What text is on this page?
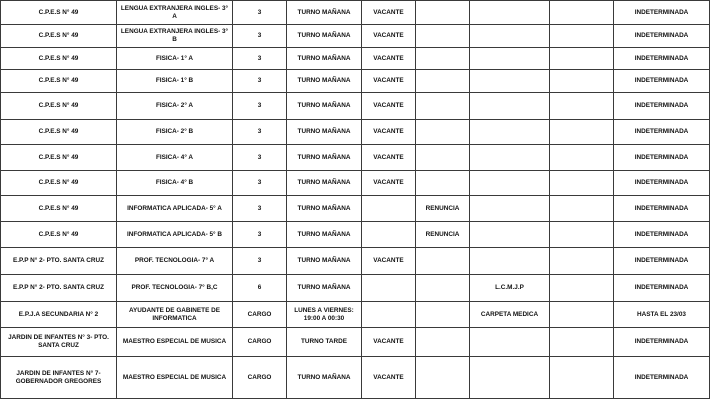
C.P.E.S N° 49	LENGUA EXTRANJERA INGLES- 3° A	3	TURNO MAÑANA	VACANTE				INDETERMINADA
C.P.E.S N° 49	LENGUA EXTRANJERA INGLES- 3° B	3	TURNO MAÑANA	VACANTE				INDETERMINADA
C.P.E.S N° 49	FISICA- 1° A	3	TURNO MAÑANA	VACANTE				INDETERMINADA
C.P.E.S N° 49	FISICA- 1° B	3	TURNO MAÑANA	VACANTE				INDETERMINADA
C.P.E.S N° 49	FISICA- 2° A	3	TURNO MAÑANA	VACANTE				INDETERMINADA
C.P.E.S N° 49	FISICA- 2° B	3	TURNO MAÑANA	VACANTE				INDETERMINADA
C.P.E.S N° 49	FISICA- 4° A	3	TURNO MAÑANA	VACANTE				INDETERMINADA
C.P.E.S N° 49	FISICA- 4° B	3	TURNO MAÑANA	VACANTE				INDETERMINADA
C.P.E.S N° 49	INFORMATICA APLICADA- 5° A	3	TURNO MAÑANA		RENUNCIA			INDETERMINADA
C.P.E.S N° 49	INFORMATICA APLICADA- 5° B	3	TURNO MAÑANA		RENUNCIA			INDETERMINADA
E.P.P N° 2- PTO. SANTA CRUZ	PROF. TECNOLOGIA- 7° A	3	TURNO MAÑANA	VACANTE				INDETERMINADA
E.P.P N° 2- PTO. SANTA CRUZ	PROF. TECNOLOGIA- 7° B,C	6	TURNO MAÑANA			L.C.M.J.P		INDETERMINADA
E.P.J.A SECUNDARIA N° 2	AYUDANTE DE GABINETE DE INFORMATICA	CARGO	LUNES A VIERNES: 19:00 A 00:30			CARPETA MEDICA		HASTA EL 23/03
JARDIN DE INFANTES N° 3- PTO. SANTA CRUZ	MAESTRO ESPECIAL DE MUSICA	CARGO	TURNO TARDE	VACANTE				INDETERMINADA
JARDIN DE INFANTES N° 7- GOBERNADOR GREGORES	MAESTRO ESPECIAL DE MUSICA	CARGO	TURNO MAÑANA	VACANTE				INDETERMINADA
